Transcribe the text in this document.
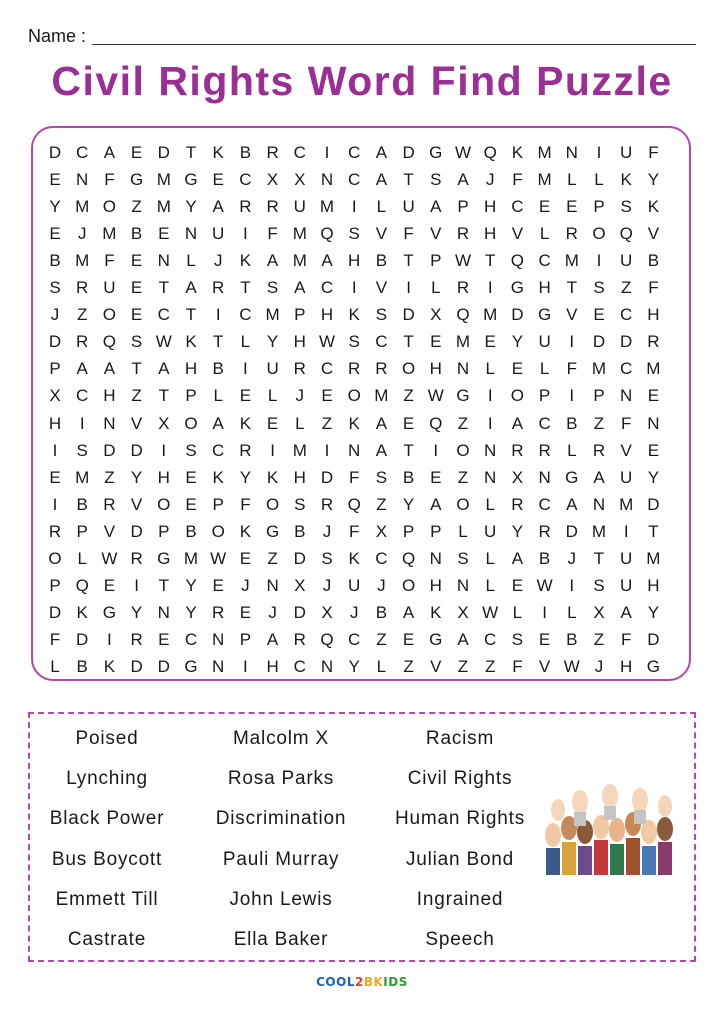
Name :
Civil Rights Word Find Puzzle
D C A E D T K B R C	I	C A D G W Q K M N	I	U F
E N F G M G E C X X N C A T S A	J	F M L	L K Y
Y M O Z M Y A R R U M	I	L U A P H C E E P S K
E	J M B E N U	I	F M Q S V F V R H V L R O Q V
B M F E N L	J	K A M A H B T P W T Q C M	I	U B
S R U E T A R T S A C	I	V	I	L R	I	G H T S Z F
J	Z O E C T	I	C M P H K S D X Q M D G V E C H
D R Q S W K T	L Y H W S C T E M E Y U	I	D D R
P A A T A H B	I	U R C R R O H N L E L	F M C M
X C H Z T P L E L	J	E O M Z W G	I	O P	I	P N E
H	I	N V X O A K E L	Z K A E Q Z	I	A C B Z F N
I	S D D	I	S C R	I	M	I	N A T	I	O N R R L R V E
E M Z Y H E K Y K H D F S B E Z N X N G A U Y
I	B R V O E P F O S R Q Z Y A O L R C A N M D
R P V D P B O K G B	J	F X P P L U Y R D M	I	T
O L W R G M W E Z D S K C Q N S L A B	J	T U M
P Q E	I	T Y E	J N X	J U J O H N L E W I	S U H
D K G Y N Y R E	J D X	J	B A K X W L	I	L X A Y
F D	I	R E C N P A R Q C Z E G A C S E B Z F D
L B K D D G N	I	H C N Y L	Z V Z Z F V W J H G
Poised
Lynching
Black Power
Bus Boycott
Emmett Till
Castrate
Malcolm X
Rosa Parks
Discrimination
Pauli Murray
John Lewis
Ella Baker
Racism
Civil Rights
Human Rights
Julian Bond
Ingrained
Speech
COOL2BKIDS
